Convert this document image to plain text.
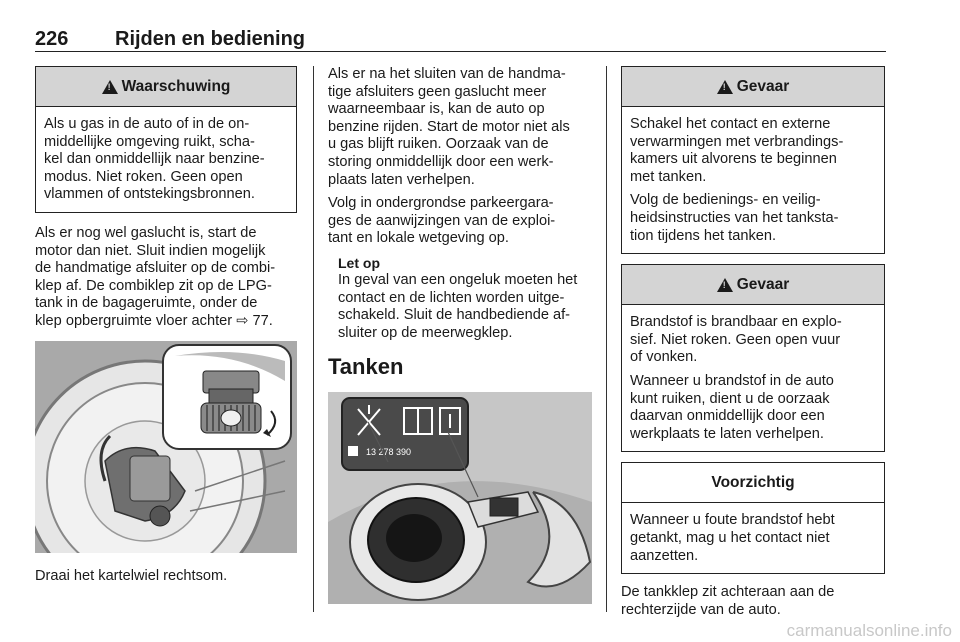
226 Rijden en bediening
!
Waarschuwing
Als u gas in de auto of in de on-
middellijke omgeving ruikt, scha-
kel dan onmiddellijk naar benzine-
modus. Niet roken. Geen open
vlammen of ontstekingsbronnen.
Als er nog wel gaslucht is, start de
motor dan niet. Sluit indien mogelijk
de handmatige afsluiter op de combi-
klep af. De combiklep zit op de LPG-
tank in de bagageruimte, onder de
klep opbergruimte vloer achter ⇨ 77.
Draai het kartelwiel rechtsom.
Als er na het sluiten van de handma-
tige afsluiters geen gaslucht meer
waarneembaar is, kan de auto op
benzine rijden. Start de motor niet als
u gas blijft ruiken. Oorzaak van de
storing onmiddellijk door een werk-
plaats laten verhelpen.
Volg in ondergrondse parkeergara-
ges de aanwijzingen van de exploi-
tant en lokale wetgeving op.
Let op
In geval van een ongeluk moeten het
contact en de lichten worden uitge-
schakeld. Sluit de handbediende af-
sluiter op de meerwegklep.
Tanken
13 278 390
!
Gevaar
Schakel het contact en externe
verwarmingen met verbrandings-
kamers uit alvorens te beginnen
met tanken.
Volg de bedienings- en veilig-
heidsinstructies van het tanksta-
tion tijdens het tanken.
!
Gevaar
Brandstof is brandbaar en explo-
sief. Niet roken. Geen open vuur
of vonken.
Wanneer u brandstof in de auto
kunt ruiken, dient u de oorzaak
daarvan onmiddellijk door een
werkplaats te laten verhelpen.
Voorzichtig
Wanneer u foute brandstof hebt
getankt, mag u het contact niet
aanzetten.
De tankklep zit achteraan aan de
rechterzijde van de auto.
carmanualsonline.info
